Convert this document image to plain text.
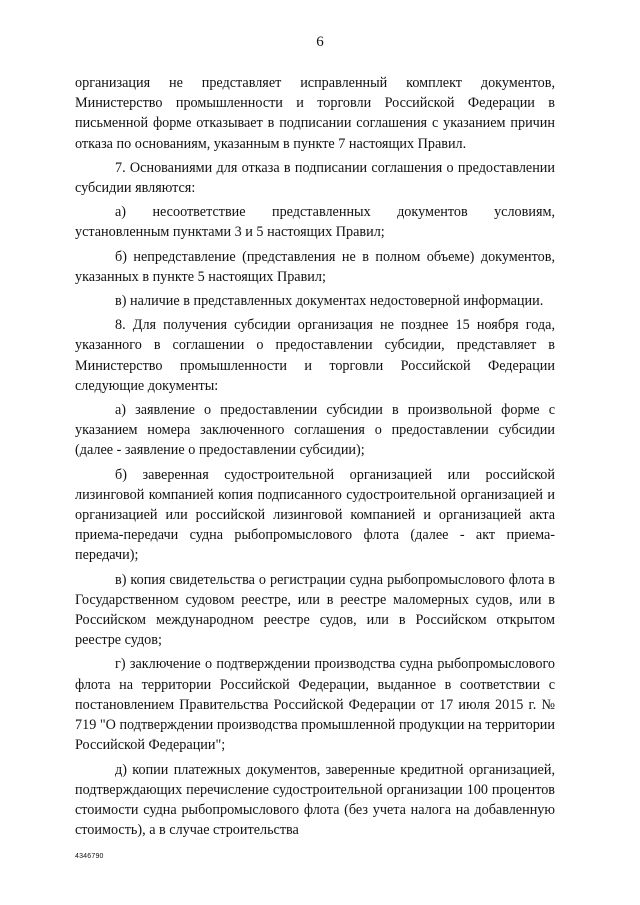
6

организация не представляет исправленный комплект документов, Министерство промышленности и торговли Российской Федерации в письменной форме отказывает в подписании соглашения с указанием причин отказа по основаниям, указанным в пункте 7 настоящих Правил.

7. Основаниями для отказа в подписании соглашения о предоставлении субсидии являются:

а) несоответствие представленных документов условиям, установленным пунктами 3 и 5 настоящих Правил;

б) непредставление (представления не в полном объеме) документов, указанных в пункте 5 настоящих Правил;

в) наличие в представленных документах недостоверной информации.

8. Для получения субсидии организация не позднее 15 ноября года, указанного в соглашении о предоставлении субсидии, представляет в Министерство промышленности и торговли Российской Федерации следующие документы:

а) заявление о предоставлении субсидии в произвольной форме с указанием номера заключенного соглашения о предоставлении субсидии (далее - заявление о предоставлении субсидии);

б) заверенная судостроительной организацией или российской лизинговой компанией копия подписанного судостроительной организацией и организацией или российской лизинговой компанией и организацией акта приема-передачи судна рыбопромыслового флота (далее - акт приема-передачи);

в) копия свидетельства о регистрации судна рыбопромыслового флота в Государственном судовом реестре, или в реестре маломерных судов, или в Российском международном реестре судов, или в Российском открытом реестре судов;

г) заключение о подтверждении производства судна рыбопромыслового флота на территории Российской Федерации, выданное в соответствии с постановлением Правительства Российской Федерации от 17 июля 2015 г. № 719 "О подтверждении производства промышленной продукции на территории Российской Федерации";

д) копии платежных документов, заверенные кредитной организацией, подтверждающих перечисление судостроительной организации 100 процентов стоимости судна рыбопромыслового флота (без учета налога на добавленную стоимость), а в случае строительства

4346790
